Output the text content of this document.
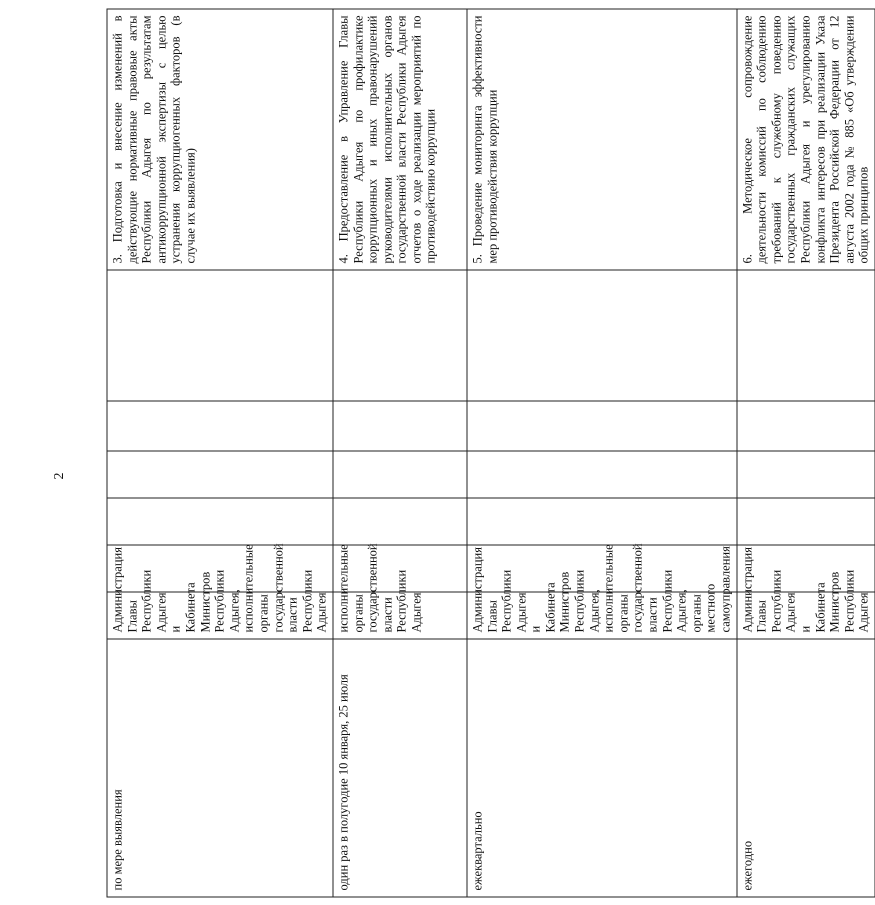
2
по мере выявления	Администрация Главы Республики Адыгея и Кабинета Министров Республики Адыгея, исполнительные органы государственной власти Республики Адыгея						3. Подготовка и внесение изменений в действующие нормативные правовые акты Республики Адыгея по результатам антикоррупционной экспертизы с целью устранения коррупциогенных факторов (в случае их выявления)
один раз в полугодие 10 января, 25 июля	исполнительные органы государственной власти Республики Адыгея						4. Предоставление в Управление Главы Республики Адыгея по профилактике коррупционных и иных правонарушений руководителями исполнительных органов государственной власти Республики Адыгея отчетов о ходе реализации мероприятий по противодействию коррупции
ежеквартально	Администрация Главы Республики Адыгея и Кабинета Министров Республики Адыгея, исполнительные органы государственной власти Республики Адыгея, органы местного самоуправления						5. Проведение мониторинга эффективности мер противодействия коррупции
ежегодно	Администрация Главы Республики Адыгея и Кабинета Министров Республики Адыгея						6. Методическое сопровождение деятельности комиссий по соблюдению требований к служебному поведению государственных гражданских служащих Республики Адыгея и урегулированию конфликта интересов при реализации Указа Президента Российской Федерации от 12 августа 2002 года № 885 «Об утверждении общих принципов
